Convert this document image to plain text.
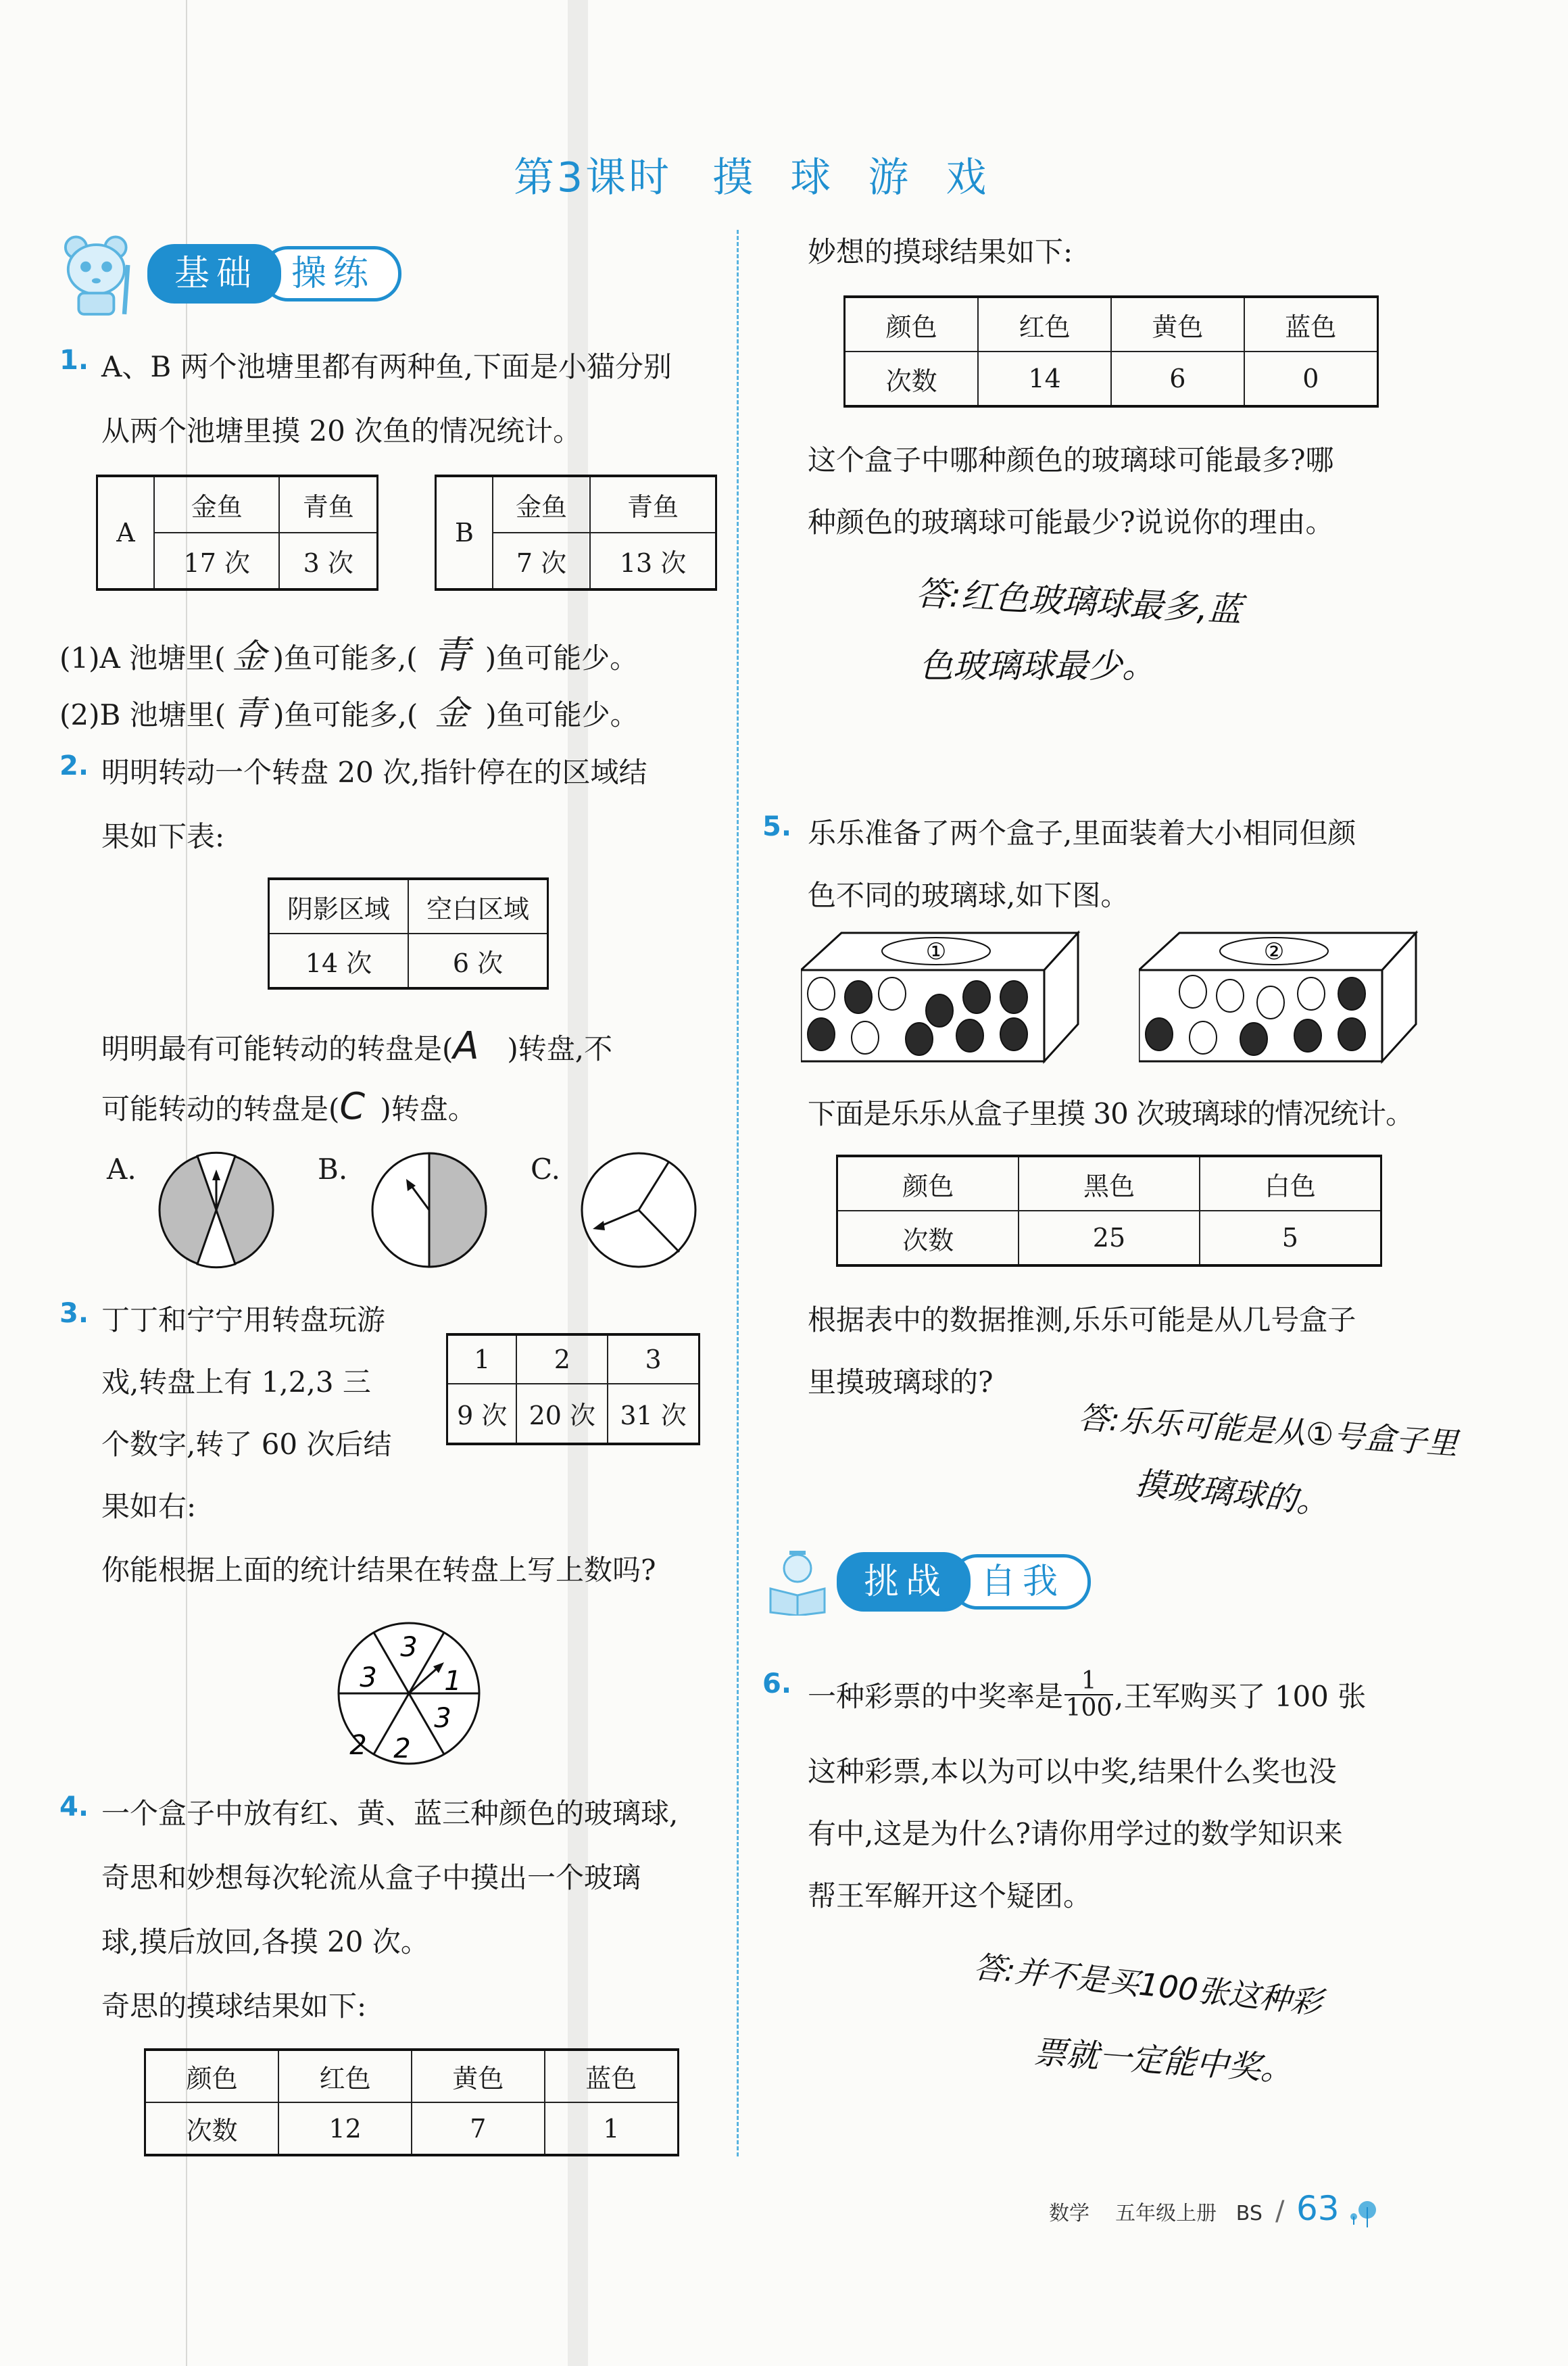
第3课时 摸 球 游 戏
基础 操练
1. A、B 两个池塘里都有两种鱼,下面是小猫分别
从两个池塘里摸 20 次鱼的情况统计。
A	金鱼	青鱼
	17 次	3 次
B	金鱼	青鱼
	7 次	13 次
(1)A 池塘里( 金 )鱼可能多,( 青 )鱼可能少。
(2)B 池塘里( 青 )鱼可能多,( 金 )鱼可能少。
2. 明明转动一个转盘 20 次,指针停在的区域结
果如下表:
阴影区域	空白区域
14 次	6 次
明明最有可能转动的转盘是(A )转盘,不
可能转动的转盘是(C )转盘。
A.	B.	C.
3. 丁丁和宁宁用转盘玩游
戏,转盘上有 1,2,3 三
个数字,转了 60 次后结
果如右:
1	2	3
9 次	20 次	31 次
你能根据上面的统计结果在转盘上写上数吗?
3
1
3
2 2
3
4. 一个盒子中放有红、黄、蓝三种颜色的玻璃球,
奇思和妙想每次轮流从盒子中摸出一个玻璃
球,摸后放回,各摸 20 次。
奇思的摸球结果如下:
颜色	红色	黄色	蓝色
次数	12	7	1
妙想的摸球结果如下:
颜色	红色	黄色	蓝色
次数	14	6	0
这个盒子中哪种颜色的玻璃球可能最多?哪
种颜色的玻璃球可能最少?说说你的理由。
答:红色玻璃球最多,蓝
色玻璃球最少。
5. 乐乐准备了两个盒子,里面装着大小相同但颜
色不同的玻璃球,如下图。
①	②
下面是乐乐从盒子里摸 30 次玻璃球的情况统计。
颜色	黑色	白色
次数	25	5
根据表中的数据推测,乐乐可能是从几号盒子
里摸玻璃球的?
答:乐乐可能是从①号盒子里
摸玻璃球的。
挑战 自我
6. 一种彩票的中奖率是 $\frac{1}{100}$ ,王军购买了 100 张
这种彩票,本以为可以中奖,结果什么奖也没
有中,这是为什么?请你用学过的数学知识来
帮王军解开这个疑团。
答:并不是买100张这种彩
票就一定能中奖。
数学 五年级上册 BS / 63
